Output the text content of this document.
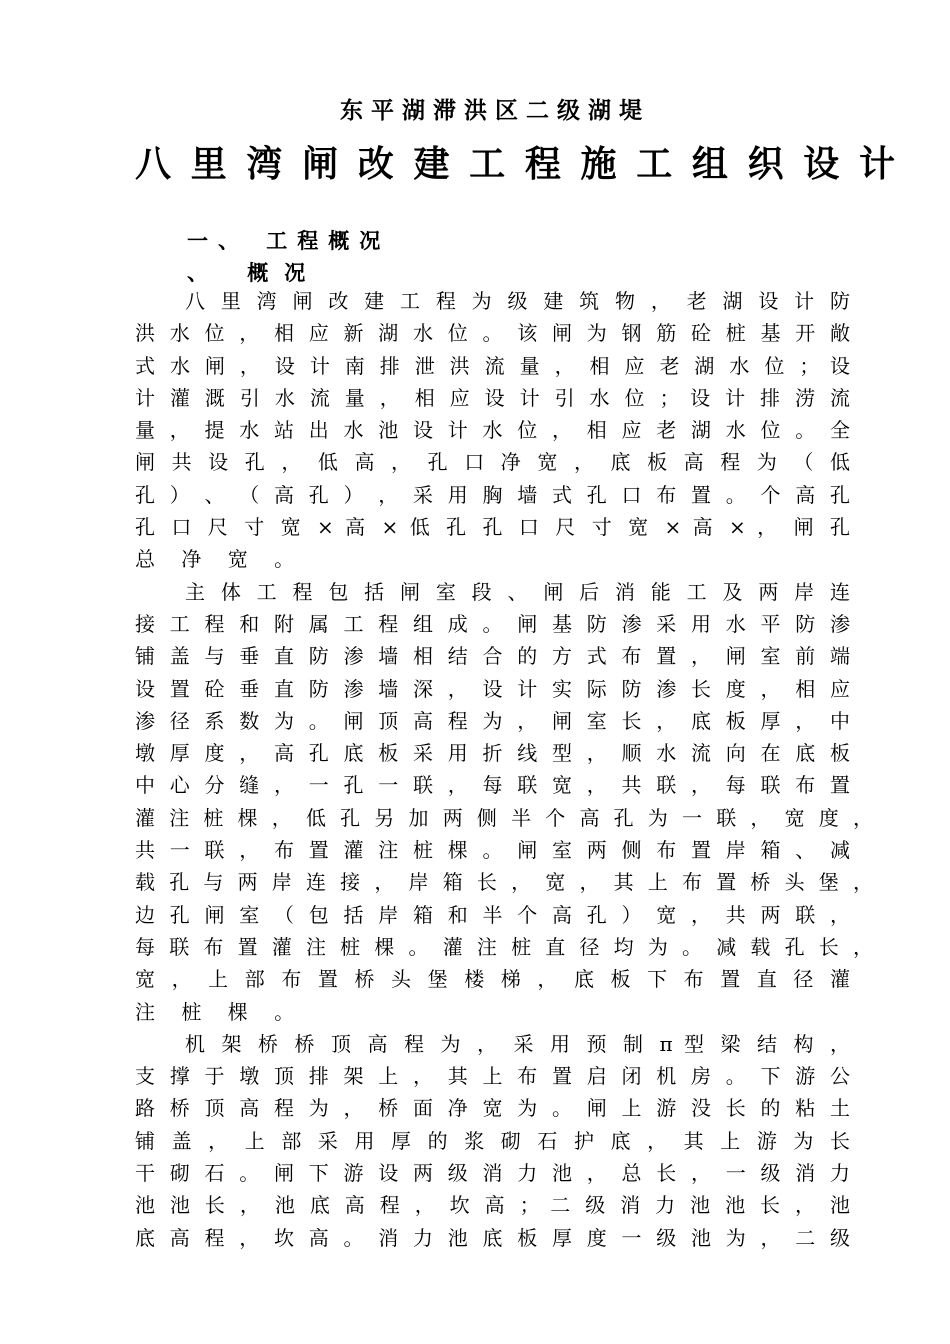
东平湖滞洪区二级湖堤
八 里 湾 闸 改 建 工 程 施 工 组 织 设 计
一、 工程概况
、 概况
八 里 湾 闸 改 建 工 程 为 级 建 筑 物 ， 老 湖 设 计 防
洪 水 位 ， 相 应 新 湖 水 位 。 该 闸 为 钢 筋 砼 桩 基 开 敞
式 水 闸 ， 设 计 南 排 泄 洪 流 量 ， 相 应 老 湖 水 位 ； 设
计 灌 溉 引 水 流 量 ， 相 应 设 计 引 水 位 ； 设 计 排 涝 流
量 ， 提 水 站 出 水 池 设 计 水 位 ， 相 应 老 湖 水 位 。 全
闸 共 设 孔 ， 低 高 ， 孔 口 净 宽 ， 底 板 高 程 为 （ 低
孔 ） 、 （ 高 孔 ） ， 采 用 胸 墙 式 孔 口 布 置 。 个 高 孔
孔 口 尺 寸 宽 × 高 × 低 孔 孔 口 尺 寸 宽 × 高 × ， 闸 孔
总 净 宽 。
主 体 工 程 包 括 闸 室 段 、 闸 后 消 能 工 及 两 岸 连
接 工 程 和 附 属 工 程 组 成 。 闸 基 防 渗 采 用 水 平 防 渗
铺 盖 与 垂 直 防 渗 墙 相 结 合 的 方 式 布 置 ， 闸 室 前 端
设 置 砼 垂 直 防 渗 墙 深 ， 设 计 实 际 防 渗 长 度 ， 相 应
渗 径 系 数 为 。 闸 顶 高 程 为 ， 闸 室 长 ， 底 板 厚 ， 中
墩 厚 度 ， 高 孔 底 板 采 用 折 线 型 ， 顺 水 流 向 在 底 板
中 心 分 缝 ， 一 孔 一 联 ， 每 联 宽 ， 共 联 ， 每 联 布 置
灌 注 桩 棵 ， 低 孔 另 加 两 侧 半 个 高 孔 为 一 联 ， 宽 度 ，
共 一 联 ， 布 置 灌 注 桩 棵 。 闸 室 两 侧 布 置 岸 箱 、 减
载 孔 与 两 岸 连 接 ， 岸 箱 长 ， 宽 ， 其 上 布 置 桥 头 堡 ，
边 孔 闸 室 （ 包 括 岸 箱 和 半 个 高 孔 ） 宽 ， 共 两 联 ，
每 联 布 置 灌 注 桩 棵 。 灌 注 桩 直 径 均 为 。 减 载 孔 长 ，
宽 ， 上 部 布 置 桥 头 堡 楼 梯 ， 底 板 下 布 置 直 径 灌
注 桩 棵 。
机 架 桥 桥 顶 高 程 为 ， 采 用 预 制 π 型 梁 结 构 ，
支 撑 于 墩 顶 排 架 上 ， 其 上 布 置 启 闭 机 房 。 下 游 公
路 桥 顶 高 程 为 ， 桥 面 净 宽 为 。 闸 上 游 没 长 的 粘 土
铺 盖 ， 上 部 采 用 厚 的 浆 砌 石 护 底 ， 其 上 游 为 长
干 砌 石 。 闸 下 游 设 两 级 消 力 池 ， 总 长 ， 一 级 消 力
池 池 长 ， 池 底 高 程 ， 坎 高 ； 二 级 消 力 池 池 长 ， 池
底 高 程 ， 坎 高 。 消 力 池 底 板 厚 度 一 级 池 为 ， 二 级
